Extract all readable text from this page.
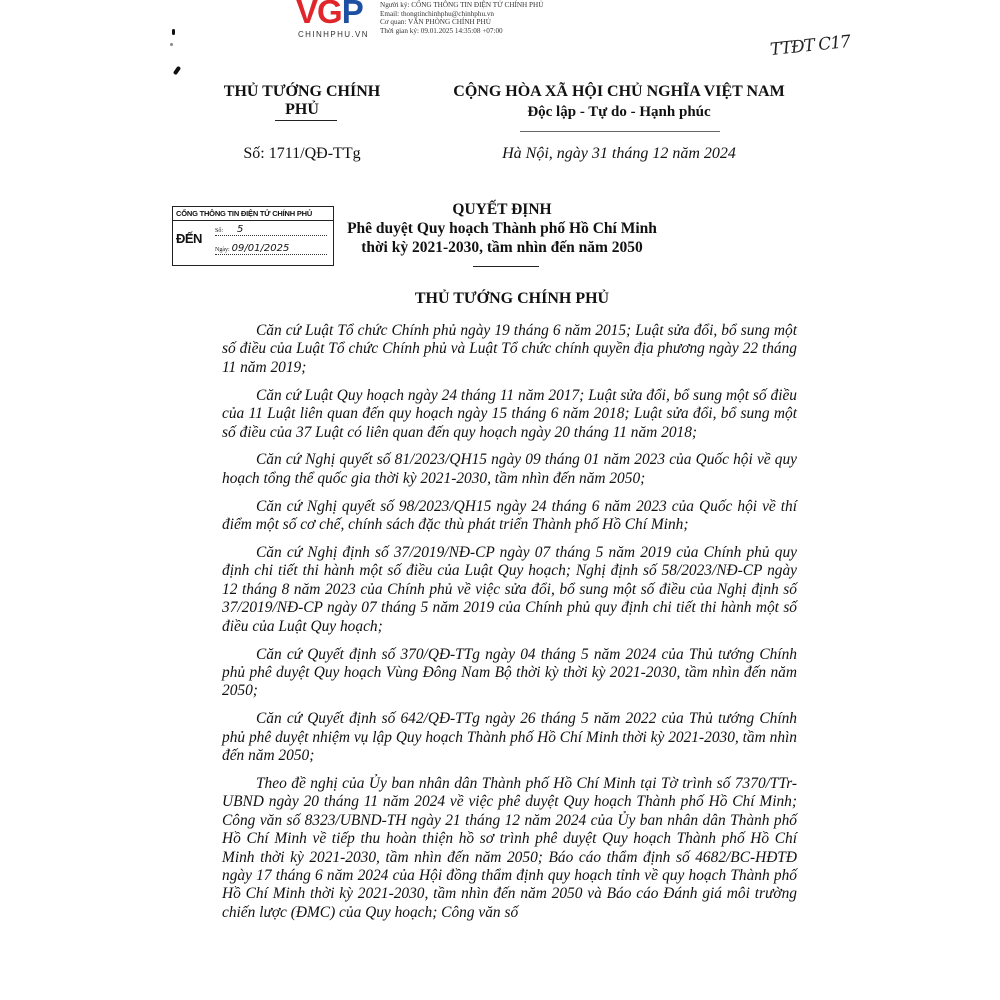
VGP
CHINHPHU.VN
Người ký: CỔNG THÔNG TIN ĐIỆN TỬ CHÍNH PHỦ
Email: thongtinchinhphu@chinhphu.vn
Cơ quan: VĂN PHÒNG CHÍNH PHỦ
Thời gian ký: 09.01.2025 14:35:08 +07:00
TTĐT C17
THỦ TƯỚNG CHÍNH PHỦ
CỘNG HÒA XÃ HỘI CHỦ NGHĨA VIỆT NAM
Độc lập - Tự do - Hạnh phúc
Số: 1711/QĐ-TTg	Hà Nội, ngày 31 tháng 12 năm 2024
CỔNG THÔNG TIN ĐIỆN TỬ CHÍNH PHỦ
ĐẾN Số: 5
Ngày: 09/01/2025
QUYẾT ĐỊNH
Phê duyệt Quy hoạch Thành phố Hồ Chí Minh
thời kỳ 2021-2030, tầm nhìn đến năm 2050
THỦ TƯỚNG CHÍNH PHỦ

Căn cứ Luật Tổ chức Chính phủ ngày 19 tháng 6 năm 2015; Luật sửa đổi, bổ sung một số điều của Luật Tổ chức Chính phủ và Luật Tổ chức chính quyền địa phương ngày 22 tháng 11 năm 2019;

Căn cứ Luật Quy hoạch ngày 24 tháng 11 năm 2017; Luật sửa đổi, bổ sung một số điều của 11 Luật liên quan đến quy hoạch ngày 15 tháng 6 năm 2018; Luật sửa đổi, bổ sung một số điều của 37 Luật có liên quan đến quy hoạch ngày 20 tháng 11 năm 2018;

Căn cứ Nghị quyết số 81/2023/QH15 ngày 09 tháng 01 năm 2023 của Quốc hội về quy hoạch tổng thể quốc gia thời kỳ 2021-2030, tầm nhìn đến năm 2050;

Căn cứ Nghị quyết số 98/2023/QH15 ngày 24 tháng 6 năm 2023 của Quốc hội về thí điểm một số cơ chế, chính sách đặc thù phát triển Thành phố Hồ Chí Minh;

Căn cứ Nghị định số 37/2019/NĐ-CP ngày 07 tháng 5 năm 2019 của Chính phủ quy định chi tiết thi hành một số điều của Luật Quy hoạch; Nghị định số 58/2023/NĐ-CP ngày 12 tháng 8 năm 2023 của Chính phủ về việc sửa đổi, bổ sung một số điều của Nghị định số 37/2019/NĐ-CP ngày 07 tháng 5 năm 2019 của Chính phủ quy định chi tiết thi hành một số điều của Luật Quy hoạch;

Căn cứ Quyết định số 370/QĐ-TTg ngày 04 tháng 5 năm 2024 của Thủ tướng Chính phủ phê duyệt Quy hoạch Vùng Đông Nam Bộ thời kỳ thời kỳ 2021-2030, tầm nhìn đến năm 2050;

Căn cứ Quyết định số 642/QĐ-TTg ngày 26 tháng 5 năm 2022 của Thủ tướng Chính phủ phê duyệt nhiệm vụ lập Quy hoạch Thành phố Hồ Chí Minh thời kỳ 2021-2030, tầm nhìn đến năm 2050;

Theo đề nghị của Ủy ban nhân dân Thành phố Hồ Chí Minh tại Tờ trình số 7370/TTr-UBND ngày 20 tháng 11 năm 2024 về việc phê duyệt Quy hoạch Thành phố Hồ Chí Minh; Công văn số 8323/UBND-TH ngày 21 tháng 12 năm 2024 của Ủy ban nhân dân Thành phố Hồ Chí Minh về tiếp thu hoàn thiện hồ sơ trình phê duyệt Quy hoạch Thành phố Hồ Chí Minh thời kỳ 2021-2030, tầm nhìn đến năm 2050; Báo cáo thẩm định số 4682/BC-HĐTĐ ngày 17 tháng 6 năm 2024 của Hội đồng thẩm định quy hoạch tỉnh về quy hoạch Thành phố Hồ Chí Minh thời kỳ 2021-2030, tầm nhìn đến năm 2050 và Báo cáo Đánh giá môi trường chiến lược (ĐMC) của Quy hoạch; Công văn số
